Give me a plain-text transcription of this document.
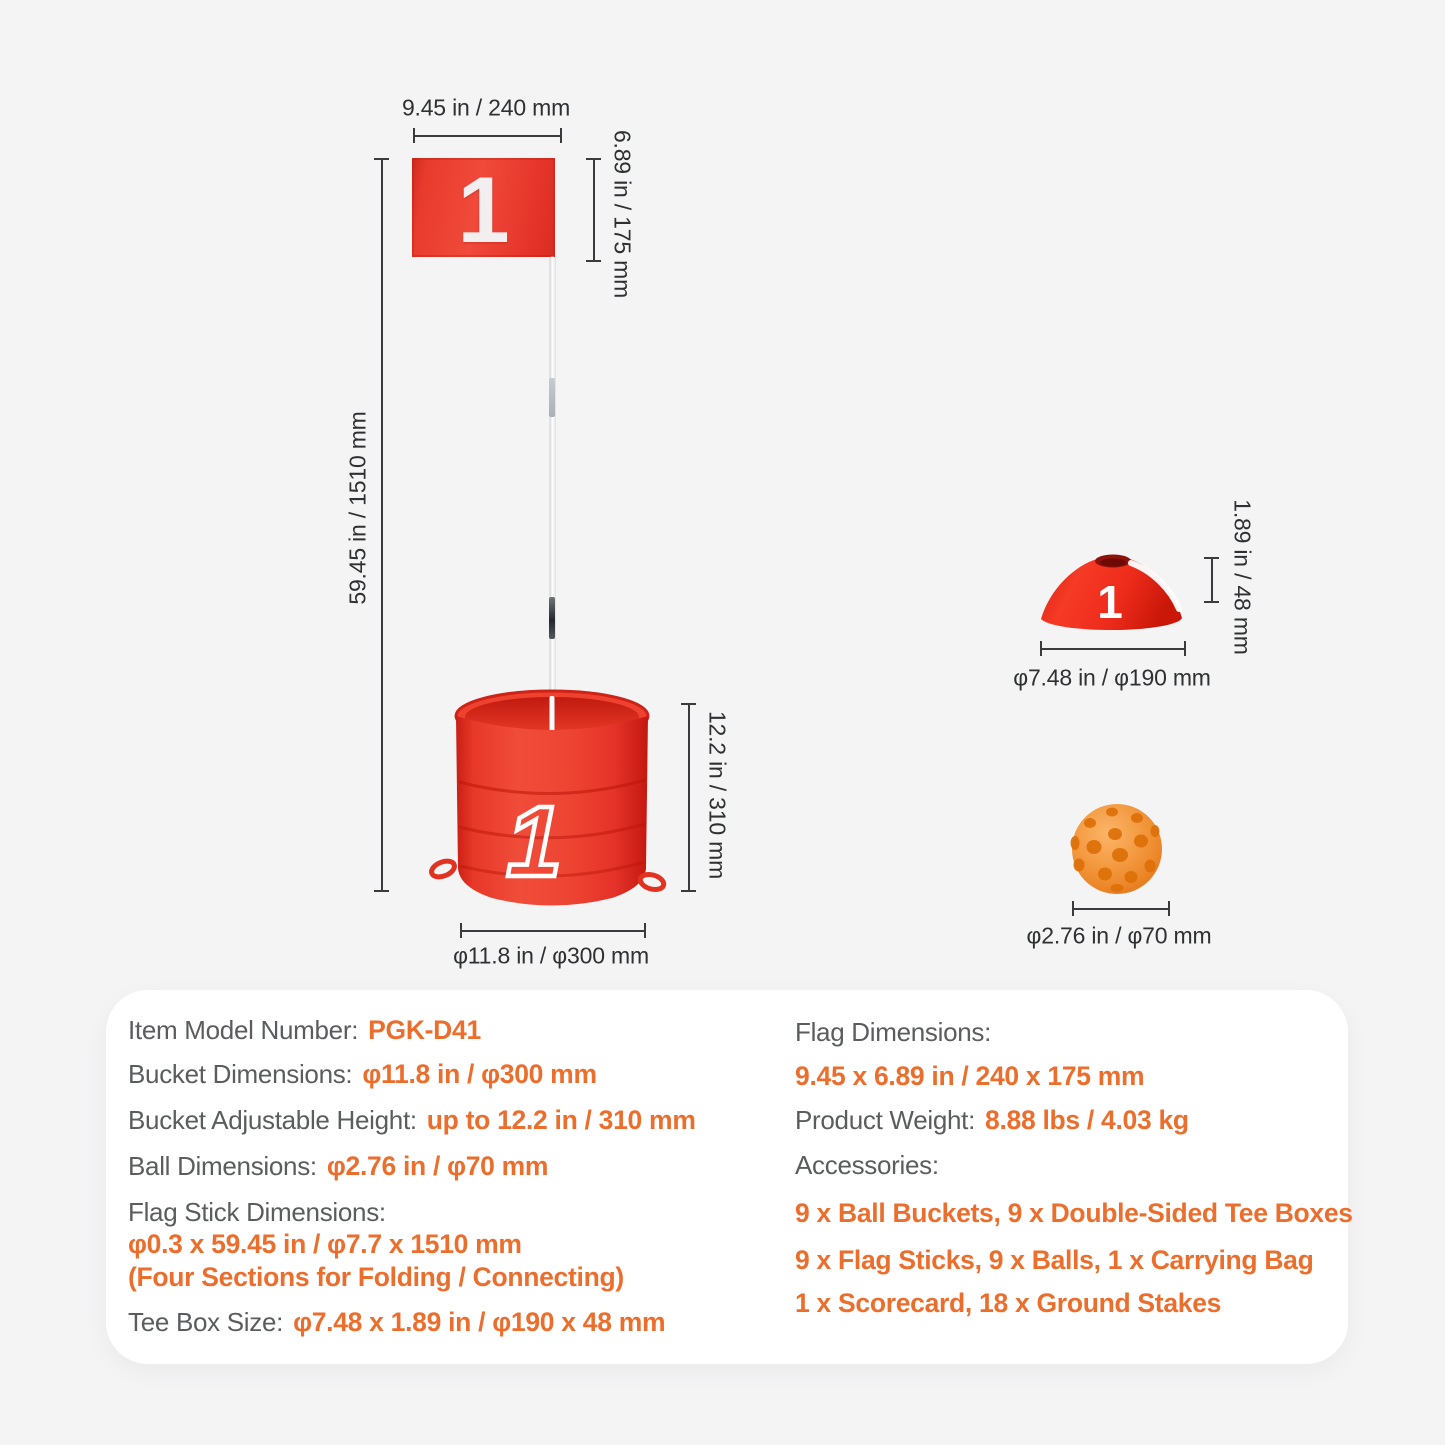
9.45 in / 240 mm
1	6.89 in / 175 mm
59.45 in / 1510 mm
1	12.2 in / 310 mm
φ11.8 in / φ300 mm
1	1.89 in / 48 mm
φ7.48 in / φ190 mm
φ2.76 in / φ70 mm
Item Model Number: PGK-D41
Bucket Dimensions: φ11.8 in / φ300 mm
Bucket Adjustable Height: up to 12.2 in / 310 mm
Ball Dimensions: φ2.76 in / φ70 mm
Flag Stick Dimensions:
φ0.3 x 59.45 in / φ7.7 x 1510 mm
(Four Sections for Folding / Connecting)
Tee Box Size: φ7.48 x 1.89 in / φ190 x 48 mm
Flag Dimensions:
9.45 x 6.89 in / 240 x 175 mm
Product Weight: 8.88 lbs / 4.03 kg
Accessories:
9 x Ball Buckets, 9 x Double-Sided Tee Boxes
9 x Flag Sticks, 9 x Balls, 1 x Carrying Bag
1 x Scorecard, 18 x Ground Stakes
